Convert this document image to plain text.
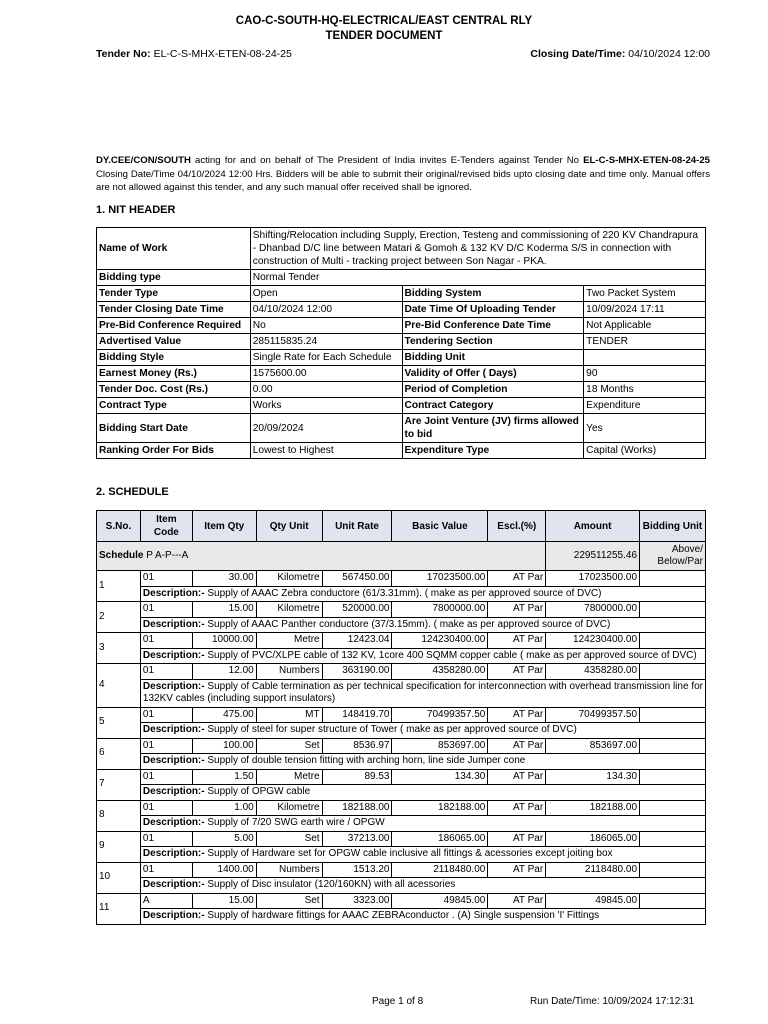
CAO-C-SOUTH-HQ-ELECTRICAL/EAST CENTRAL RLY
TENDER DOCUMENT
Tender No: EL-C-S-MHX-ETEN-08-24-25	Closing Date/Time: 04/10/2024 12:00
DY.CEE/CON/SOUTH acting for and on behalf of The President of India invites E-Tenders against Tender No EL-C-S-MHX-ETEN-08-24-25 Closing Date/Time 04/10/2024 12:00 Hrs. Bidders will be able to submit their original/revised bids upto closing date and time only. Manual offers are not allowed against this tender, and any such manual offer received shall be ignored.
1. NIT HEADER
Name of Work	Shifting/Relocation including Supply, Erection, Testeng and commissioning of 220 KV Chandrapura - Dhanbad D/C line between Matari & Gomoh & 132 KV D/C Koderma S/S in connection with construction of Multi - tracking project between Son Nagar - PKA.		
Bidding type	Normal Tender		
Tender Type	Open	Bidding System	Two Packet System
Tender Closing Date Time	04/10/2024 12:00	Date Time Of Uploading Tender	10/09/2024 17:11
Pre-Bid Conference Required	No	Pre-Bid Conference Date Time	Not Applicable
Advertised Value	285115835.24	Tendering Section	TENDER
Bidding Style	Single Rate for Each Schedule	Bidding Unit	
Earnest Money (Rs.)	1575600.00	Validity of Offer ( Days)	90
Tender Doc. Cost (Rs.)	0.00	Period of Completion	18 Months
Contract Type	Works	Contract Category	Expenditure
Bidding Start Date	20/09/2024	Are Joint Venture (JV) firms allowed to bid	Yes
Ranking Order For Bids	Lowest to Highest	Expenditure Type	Capital (Works)
2. SCHEDULE
S.No.	Item Code	Item Qty	Qty Unit	Unit Rate	Basic Value	Escl.(%)	Amount	Bidding Unit
Schedule P A-P---A							229511255.46	Above/ Below/Par
1	01	30.00	Kilometre	567450.00	17023500.00	AT Par	17023500.00	
	Description:- Supply of AAAC Zebra conductore (61/3.31mm). ( make as per approved source of DVC)							
2	01	15.00	Kilometre	520000.00	7800000.00	AT Par	7800000.00	
	Description:- Supply of AAAC Panther conductore (37/3.15mm). ( make as per approved source of DVC)							
3	01	10000.00	Metre	12423.04	124230400.00	AT Par	124230400.00	
	Description:- Supply of PVC/XLPE cable of 132 KV, 1core 400 SQMM copper cable ( make as per approved source of DVC)							
4	01	12.00	Numbers	363190.00	4358280.00	AT Par	4358280.00	
	Description:- Supply of Cable termination as per technical specification for interconnection with overhead transmission line for 132KV cables (including support insulators)							
5	01	475.00	MT	148419.70	70499357.50	AT Par	70499357.50	
	Description:- Supply of steel for super structure of Tower ( make as per approved source of DVC)							
6	01	100.00	Set	8536.97	853697.00	AT Par	853697.00	
	Description:- Supply of double tension fitting with arching horn, line side Jumper cone							
7	01	1.50	Metre	89.53	134.30	AT Par	134.30	
	Description:- Supply of OPGW cable							
8	01	1.00	Kilometre	182188.00	182188.00	AT Par	182188.00	
	Description:- Supply of 7/20 SWG earth wire / OPGW							
9	01	5.00	Set	37213.00	186065.00	AT Par	186065.00	
	Description:- Supply of Hardware set for OPGW cable inclusive all fittings & acessories except joiting box							
10	01	1400.00	Numbers	1513.20	2118480.00	AT Par	2118480.00	
	Description:- Supply of Disc insulator (120/160KN) with all acessories							
11	A	15.00	Set	3323.00	49845.00	AT Par	49845.00	
	Description:- Supply of hardware fittings for AAAC ZEBRAconductor . (A) Single suspension 'I' Fittings							
Page 1 of 8	Run Date/Time: 10/09/2024 17:12:31
